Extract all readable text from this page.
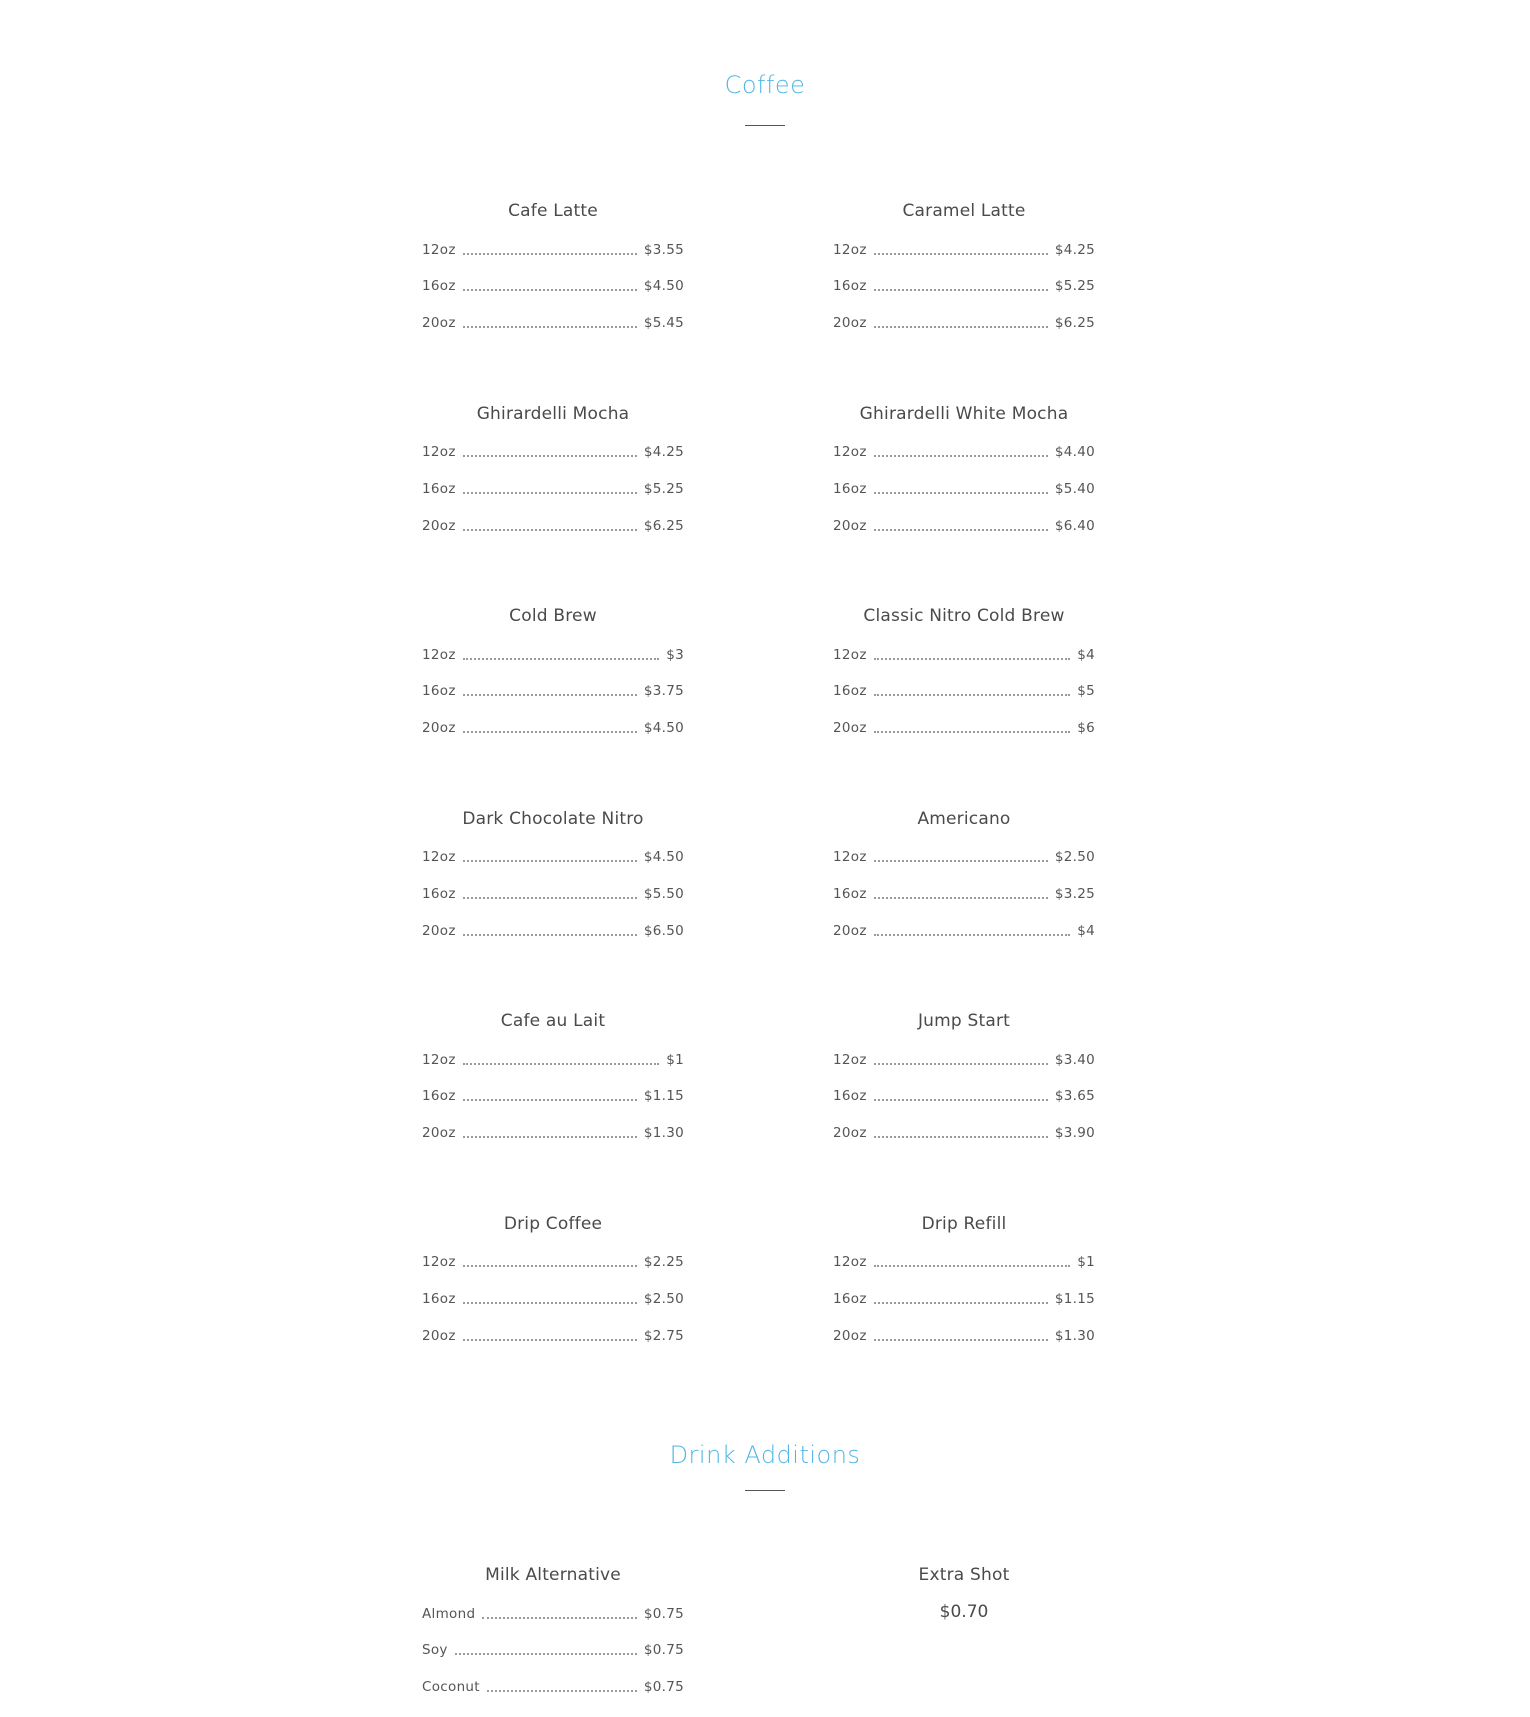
Coffee
Cafe Latte
12oz	$3.55
16oz	$4.50
20oz	$5.45
Caramel Latte
12oz	$4.25
16oz	$5.25
20oz	$6.25
Ghirardelli Mocha
12oz	$4.25
16oz	$5.25
20oz	$6.25
Ghirardelli White Mocha
12oz	$4.40
16oz	$5.40
20oz	$6.40
Cold Brew
12oz	$3
16oz	$3.75
20oz	$4.50
Classic Nitro Cold Brew
12oz	$4
16oz	$5
20oz	$6
Dark Chocolate Nitro
12oz	$4.50
16oz	$5.50
20oz	$6.50
Americano
12oz	$2.50
16oz	$3.25
20oz	$4
Cafe au Lait
12oz	$1
16oz	$1.15
20oz	$1.30
Jump Start
12oz	$3.40
16oz	$3.65
20oz	$3.90
Drip Coffee
12oz	$2.25
16oz	$2.50
20oz	$2.75
Drip Refill
12oz	$1
16oz	$1.15
20oz	$1.30
Drink Additions
Milk Alternative
Almond	$0.75
Soy	$0.75
Coconut	$0.75
Extra Shot
$0.70
